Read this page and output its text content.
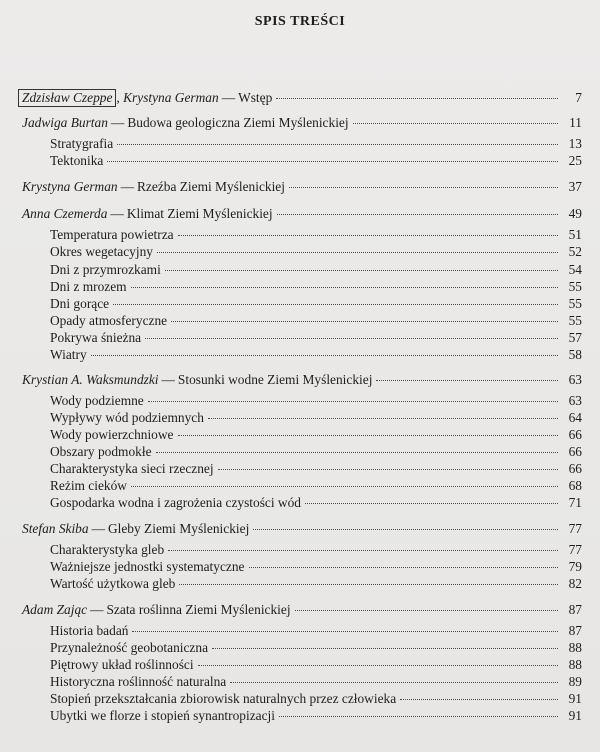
SPIS TREŚCI
Zdzisław Czeppe , Krystyna German — Wstęp	7
Jadwiga Burtan — Budowa geologiczna Ziemi Myślenickiej	11
Stratygrafia	13
Tektonika	25
Krystyna German — Rzeźba Ziemi Myślenickiej	37
Anna Czemerda — Klimat Ziemi Myślenickiej	49
Temperatura powietrza	51
Okres wegetacyjny	52
Dni z przymrozkami	54
Dni z mrozem	55
Dni gorące	55
Opady atmosferyczne	55
Pokrywa śnieżna	57
Wiatry	58
Krystian A. Waksmundzki — Stosunki wodne Ziemi Myślenickiej	63
Wody podziemne	63
Wypływy wód podziemnych	64
Wody powierzchniowe	66
Obszary podmokłe	66
Charakterystyka sieci rzecznej	66
Reżim cieków	68
Gospodarka wodna i zagrożenia czystości wód	71
Stefan Skiba — Gleby Ziemi Myślenickiej	77
Charakterystyka gleb	77
Ważniejsze jednostki systematyczne	79
Wartość użytkowa gleb	82
Adam Zając — Szata roślinna Ziemi Myślenickiej	87
Historia badań	87
Przynależność geobotaniczna	88
Piętrowy układ roślinności	88
Historyczna roślinność naturalna	89
Stopień przekształcania zbiorowisk naturalnych przez człowieka	91
Ubytki we florze i stopień synantropizacji	91
